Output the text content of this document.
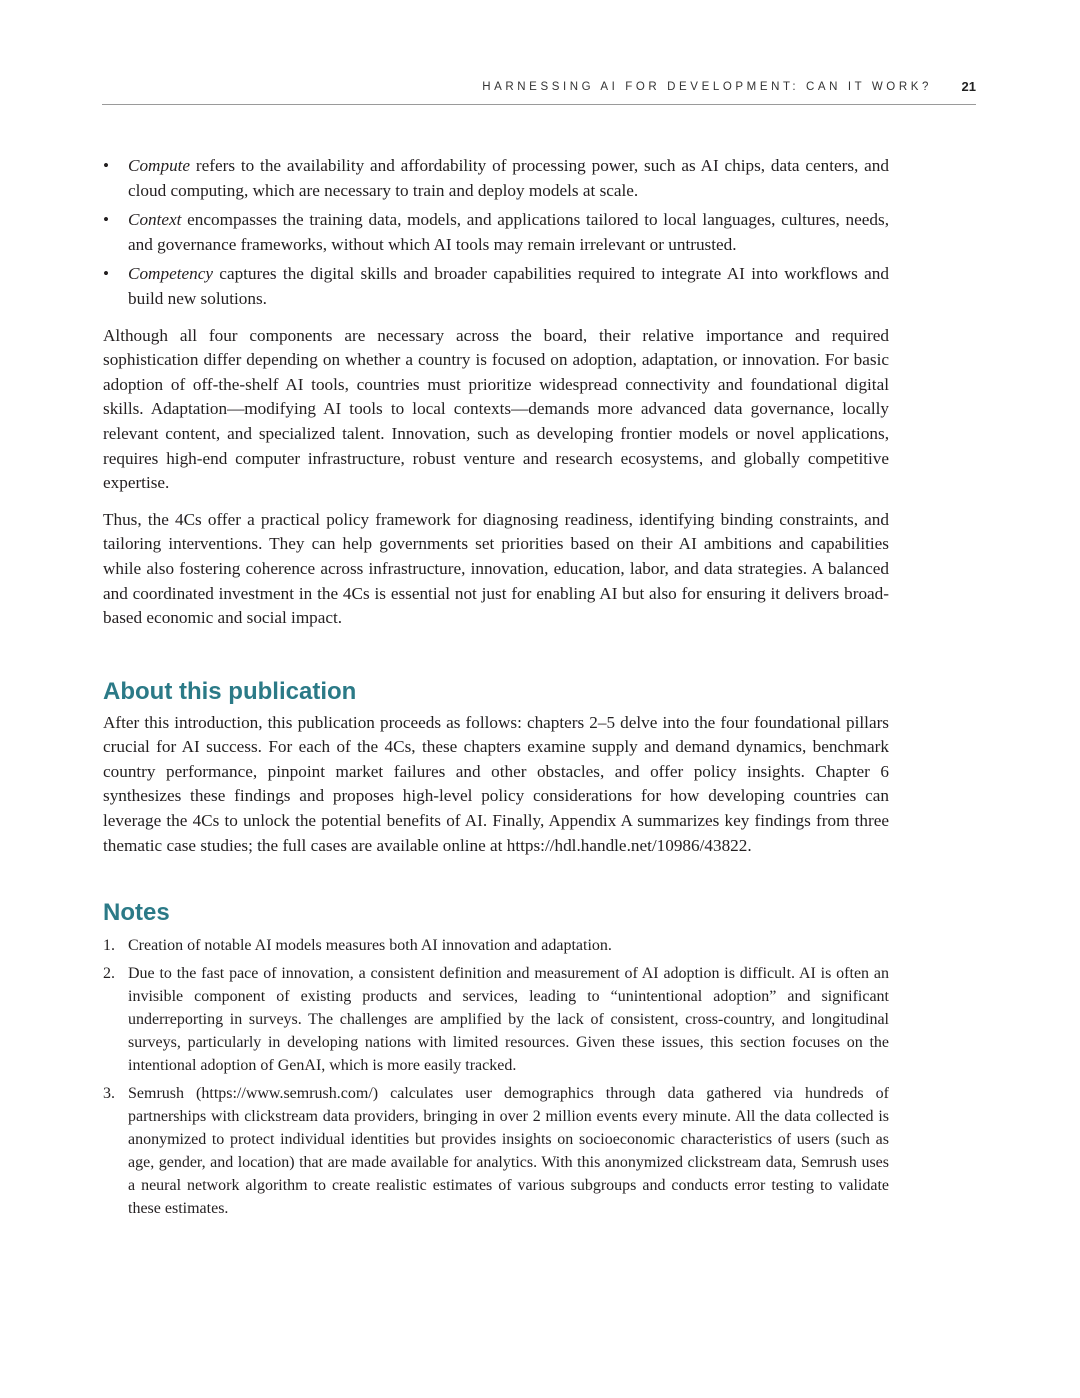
HARNESSING AI FOR DEVELOPMENT: CAN IT WORK? 21
• Compute refers to the availability and affordability of processing power, such as AI chips, data centers, and cloud computing, which are necessary to train and deploy models at scale.
• Context encompasses the training data, models, and applications tailored to local languages, cultures, needs, and governance frameworks, without which AI tools may remain irrelevant or untrusted.
• Competency captures the digital skills and broader capabilities required to integrate AI into workflows and build new solutions.

Although all four components are necessary across the board, their relative importance and required sophistication differ depending on whether a country is focused on adoption, adaptation, or innovation. For basic adoption of off-the-shelf AI tools, countries must prioritize widespread connectivity and foundational digital skills. Adaptation—modifying AI tools to local contexts—demands more advanced data governance, locally relevant content, and specialized talent. Innovation, such as developing frontier models or novel applications, requires high-end computer infrastructure, robust venture and research ecosystems, and globally competitive expertise.

Thus, the 4Cs offer a practical policy framework for diagnosing readiness, identifying binding constraints, and tailoring interventions. They can help governments set priorities based on their AI ambitions and capabilities while also fostering coherence across infrastructure, innovation, education, labor, and data strategies. A balanced and coordinated investment in the 4Cs is essential not just for enabling AI but also for ensuring it delivers broad-based economic and social impact.

About this publication

After this introduction, this publication proceeds as follows: chapters 2–5 delve into the four foundational pillars crucial for AI success. For each of the 4Cs, these chapters examine supply and demand dynamics, benchmark country performance, pinpoint market failures and other obstacles, and offer policy insights. Chapter 6 synthesizes these findings and proposes high-level policy considerations for how developing countries can leverage the 4Cs to unlock the potential benefits of AI. Finally, Appendix A summarizes key findings from three thematic case studies; the full cases are available online at https://hdl.handle.net/10986/43822.

Notes
1. Creation of notable AI models measures both AI innovation and adaptation.
2. Due to the fast pace of innovation, a consistent definition and measurement of AI adoption is difficult. AI is often an invisible component of existing products and services, leading to “unintentional adoption” and significant underreporting in surveys. The challenges are amplified by the lack of consistent, cross-country, and longitudinal surveys, particularly in developing nations with limited resources. Given these issues, this section focuses on the intentional adoption of GenAI, which is more easily tracked.
3. Semrush (https://www.semrush.com/) calculates user demographics through data gathered via hundreds of partnerships with clickstream data providers, bringing in over 2 million events every minute. All the data collected is anonymized to protect individual identities but provides insights on socioeconomic characteristics of users (such as age, gender, and location) that are made available for analytics. With this anonymized clickstream data, Semrush uses a neural network algorithm to create realistic estimates of various subgroups and conducts error testing to validate these estimates.
